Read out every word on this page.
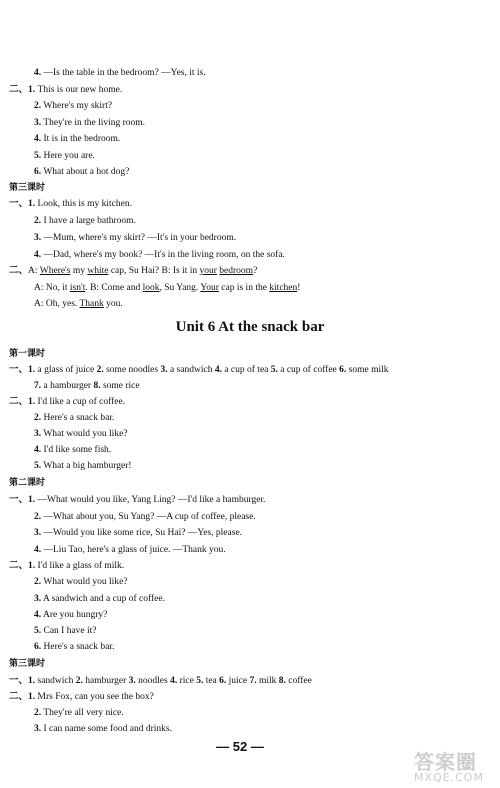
4. —Is the table in the bedroom? —Yes, it is.
二、1. This is our new home.
2. Where's my skirt?
3. They're in the living room.
4. It is in the bedroom.
5. Here you are.
6. What about a hot dog?
第三课时
一、1. Look, this is my kitchen.
2. I have a large bathroom.
3. —Mum, where's my skirt? —It's in your bedroom.
4. —Dad, where's my book? —It's in the living room, on the sofa.
二、A: Where's my white cap, Su Hai? B: Is it in your bedroom?
A: No, it isn't. B: Come and look, Su Yang. Your cap is in the kitchen!
A: Oh, yes. Thank you.
Unit 6 At the snack bar
第一课时
一、1. a glass of juice 2. some noodles 3. a sandwich 4. a cup of tea 5. a cup of coffee 6. some milk
7. a hamburger 8. some rice
二、1. I'd like a cup of coffee.
2. Here's a snack bar.
3. What would you like?
4. I'd like some fish.
5. What a big hamburger!
第二课时
一、1. —What would you like, Yang Ling? —I'd like a hamburger.
2. —What about you, Su Yang? —A cup of coffee, please.
3. —Would you like some rice, Su Hai? —Yes, please.
4. —Liu Tao, here's a glass of juice. —Thank you.
二、1. I'd like a glass of milk.
2. What would you like?
3. A sandwich and a cup of coffee.
4. Are you hungry?
5. Can I have it?
6. Here's a snack bar.
第三课时
一、1. sandwich 2. hamburger 3. noodles 4. rice 5. tea 6. juice 7. milk 8. coffee
二、1. Mrs Fox, can you see the box?
2. They're all very nice.
3. I can name some food and drinks.
— 52 —
答案圈
MXQE.COM
